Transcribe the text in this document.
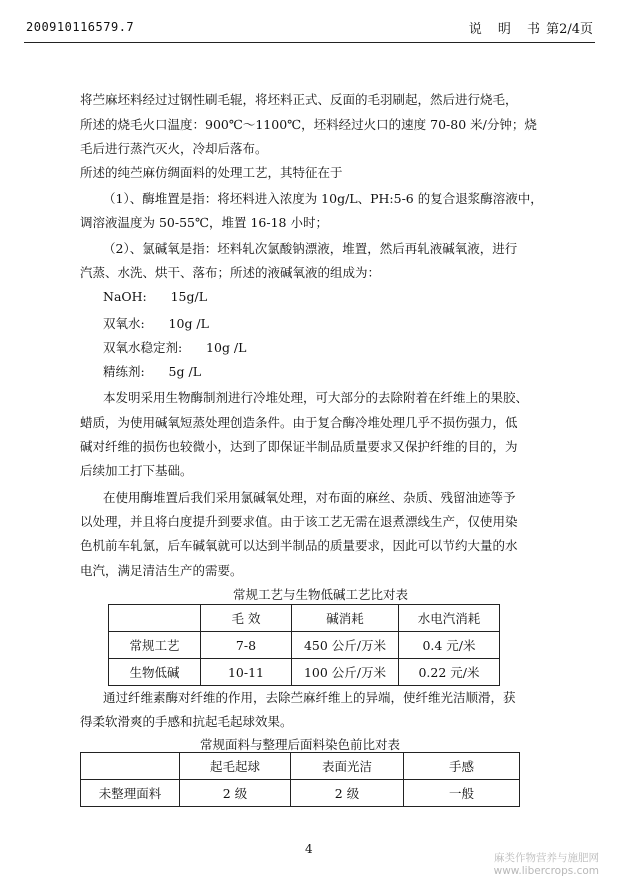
200910116579.7	说 明 书第2/4页
将苎麻坯料经过过钢性刷毛辊，将坯料正式、反面的毛羽刷起，然后进行烧毛，
所述的烧毛火口温度：900℃～1100℃，坯料经过火口的速度 70-80 米/分钟；烧
毛后进行蒸汽灭火，冷却后落布。
所述的纯苎麻仿绸面料的处理工艺，其特征在于
（1）、酶堆置是指：将坯料进入浓度为 10g/L、PH:5-6 的复合退浆酶溶液中，
调溶液温度为 50-55℃，堆置 16-18 小时；
（2）、氯碱氧是指：坯料轧次氯酸钠漂液，堆置，然后再轧液碱氧液，进行
汽蒸、水洗、烘干、落布；所述的液碱氧液的组成为：
NaOH:      15g/L
双氧水:      10g /L
双氧水稳定剂:      10g /L
精练剂:      5g /L
本发明采用生物酶制剂进行冷堆处理，可大部分的去除附着在纤维上的果胶、
蜡质，为使用碱氧短蒸处理创造条件。由于复合酶冷堆处理几乎不损伤强力，低
碱对纤维的损伤也较微小，达到了即保证半制品质量要求又保护纤维的目的，为
后续加工打下基础。
在使用酶堆置后我们采用氯碱氧处理，对布面的麻丝、杂质、残留油迹等予
以处理，并且将白度提升到要求值。由于该工艺无需在退煮漂线生产，仅使用染
色机前车轧氯，后车碱氧就可以达到半制品的质量要求，因此可以节约大量的水
电汽，满足清洁生产的需要。
常规工艺与生物低碱工艺比对表
	毛 效	碱消耗	水电汽消耗
常规工艺	7-8	450 公斤/万米	0.4 元/米
生物低碱	10-11	100 公斤/万米	0.22 元/米
通过纤维素酶对纤维的作用，去除苎麻纤维上的异端，使纤维光洁顺滑，获
得柔软滑爽的手感和抗起毛起球效果。
常规面料与整理后面料染色前比对表
	起毛起球	表面光洁	手感
未整理面料	2 级	2 级	一般
4
麻类作物营养与施肥网
www.libercrops.com
